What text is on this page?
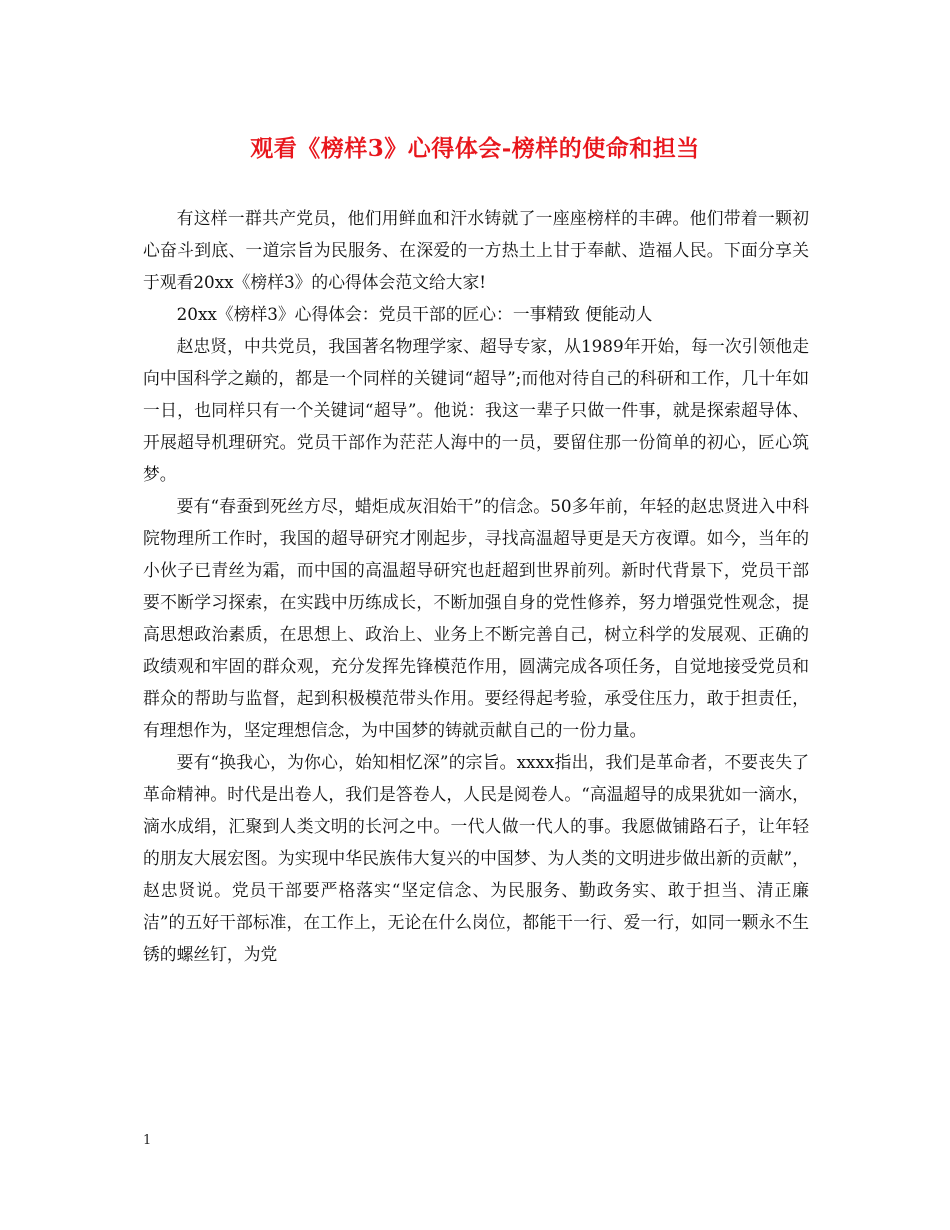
观看《榜样3》心得体会-榜样的使命和担当

有这样一群共产党员，他们用鲜血和汗水铸就了一座座榜样的丰碑。他们带着一颗初心奋斗到底、一道宗旨为民服务、在深爱的一方热土上甘于奉献、造福人民。下面分享关于观看20xx《榜样3》的心得体会范文给大家!

20xx《榜样3》心得体会：党员干部的匠心：一事精致 便能动人

赵忠贤，中共党员，我国著名物理学家、超导专家，从1989年开始，每一次引领他走向中国科学之巅的，都是一个同样的关键词“超导”;而他对待自己的科研和工作，几十年如一日，也同样只有一个关键词“超导”。他说：我这一辈子只做一件事，就是探索超导体、开展超导机理研究。党员干部作为茫茫人海中的一员，要留住那一份简单的初心，匠心筑梦。

要有“春蚕到死丝方尽，蜡炬成灰泪始干”的信念。50多年前，年轻的赵忠贤进入中科院物理所工作时，我国的超导研究才刚起步，寻找高温超导更是天方夜谭。如今，当年的小伙子已青丝为霜，而中国的高温超导研究也赶超到世界前列。新时代背景下，党员干部要不断学习探索，在实践中历练成长，不断加强自身的党性修养，努力增强党性观念，提高思想政治素质，在思想上、政治上、业务上不断完善自己，树立科学的发展观、正确的政绩观和牢固的群众观，充分发挥先锋模范作用，圆满完成各项任务，自觉地接受党员和群众的帮助与监督，起到积极模范带头作用。要经得起考验，承受住压力，敢于担责任，有理想作为，坚定理想信念，为中国梦的铸就贡献自己的一份力量。

要有“换我心，为你心，始知相忆深”的宗旨。xxxx指出，我们是革命者，不要丧失了革命精神。时代是出卷人，我们是答卷人，人民是阅卷人。“高温超导的成果犹如一滴水，滴水成绢，汇聚到人类文明的长河之中。一代人做一代人的事。我愿做铺路石子，让年轻的朋友大展宏图。为实现中华民族伟大复兴的中国梦、为人类的文明进步做出新的贡献”，赵忠贤说。党员干部要严格落实“坚定信念、为民服务、勤政务实、敢于担当、清正廉洁”的五好干部标准，在工作上，无论在什么岗位，都能干一行、爱一行，如同一颗永不生锈的螺丝钉，为党

1
